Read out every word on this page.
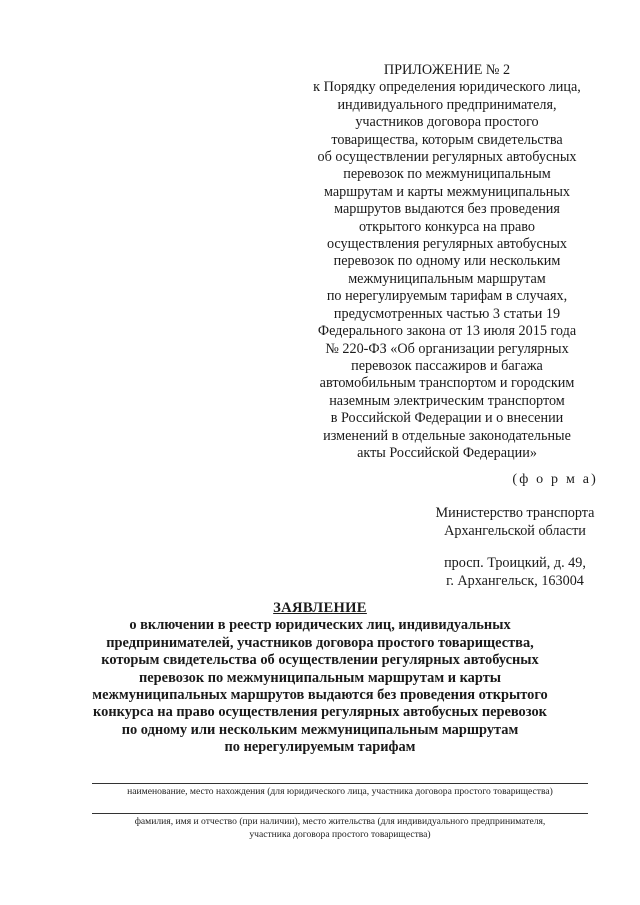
ПРИЛОЖЕНИЕ № 2
к Порядку определения юридического лица,
индивидуального предпринимателя,
участников договора простого
товарищества, которым свидетельства
об осуществлении регулярных автобусных
перевозок по межмуниципальным
маршрутам и карты межмуниципальных
маршрутов выдаются без проведения
открытого конкурса на право
осуществления регулярных автобусных
перевозок по одному или нескольким
межмуниципальным маршрутам
по нерегулируемым тарифам в случаях,
предусмотренных частью 3 статьи 19
Федерального закона от 13 июля 2015 года
№ 220-ФЗ «Об организации регулярных
перевозок пассажиров и багажа
автомобильным транспортом и городским
наземным электрическим транспортом
в Российской Федерации и о внесении
изменений в отдельные законодательные
акты Российской Федерации»
(ф о р м а)
Министерство транспорта
Архангельской области
просп. Троицкий, д. 49,
г. Архангельск, 163004
ЗАЯВЛЕНИЕ
о включении в реестр юридических лиц, индивидуальных
предпринимателей, участников договора простого товарищества,
которым свидетельства об осуществлении регулярных автобусных
перевозок по межмуниципальным маршрутам и карты
межмуниципальных маршрутов выдаются без проведения открытого
конкурса на право осуществления регулярных автобусных перевозок
по одному или нескольким межмуниципальным маршрутам
по нерегулируемым тарифам
наименование, место нахождения (для юридического лица, участника договора простого товарищества)
фамилия, имя и отчество (при наличии), место жительства (для индивидуального предпринимателя,
участника договора простого товарищества)
